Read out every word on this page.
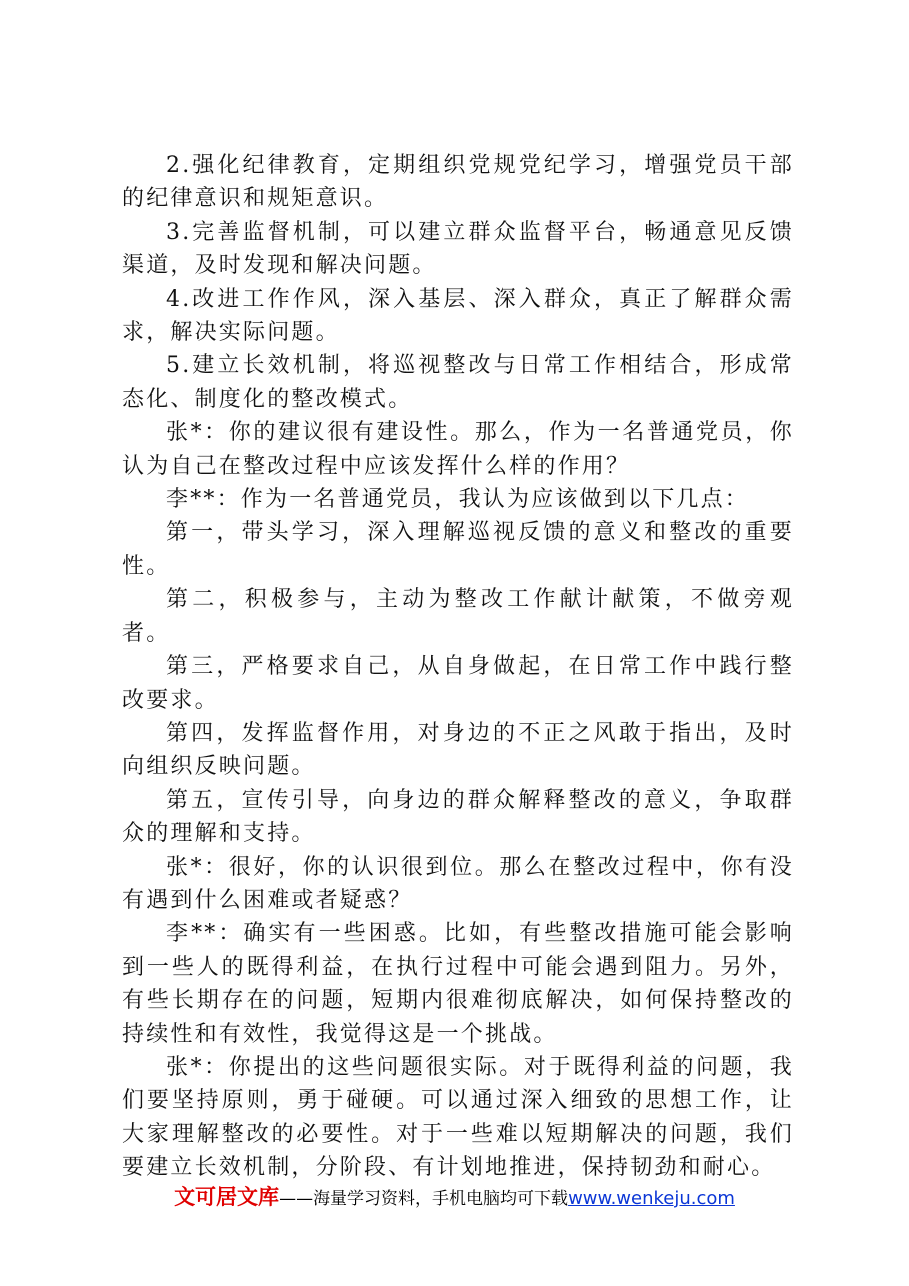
2.强化纪律教育，定期组织党规党纪学习，增强党员干部的纪律意识和规矩意识。

3.完善监督机制，可以建立群众监督平台，畅通意见反馈渠道，及时发现和解决问题。

4.改进工作作风，深入基层、深入群众，真正了解群众需求，解决实际问题。

5.建立长效机制，将巡视整改与日常工作相结合，形成常态化、制度化的整改模式。

张*：你的建议很有建设性。那么，作为一名普通党员，你认为自己在整改过程中应该发挥什么样的作用？

李**：作为一名普通党员，我认为应该做到以下几点：

第一，带头学习，深入理解巡视反馈的意义和整改的重要性。

第二，积极参与，主动为整改工作献计献策，不做旁观者。

第三，严格要求自己，从自身做起，在日常工作中践行整改要求。

第四，发挥监督作用，对身边的不正之风敢于指出，及时向组织反映问题。

第五，宣传引导，向身边的群众解释整改的意义，争取群众的理解和支持。

张*：很好，你的认识很到位。那么在整改过程中，你有没有遇到什么困难或者疑惑？

李**：确实有一些困惑。比如，有些整改措施可能会影响到一些人的既得利益，在执行过程中可能会遇到阻力。另外，有些长期存在的问题，短期内很难彻底解决，如何保持整改的持续性和有效性，我觉得这是一个挑战。

张*：你提出的这些问题很实际。对于既得利益的问题，我们要坚持原则，勇于碰硬。可以通过深入细致的思想工作，让大家理解整改的必要性。对于一些难以短期解决的问题，我们要建立长效机制，分阶段、有计划地推进，保持韧劲和耐心。

文可居文库——海量学习资料，手机电脑均可下载www.wenkeju.com
